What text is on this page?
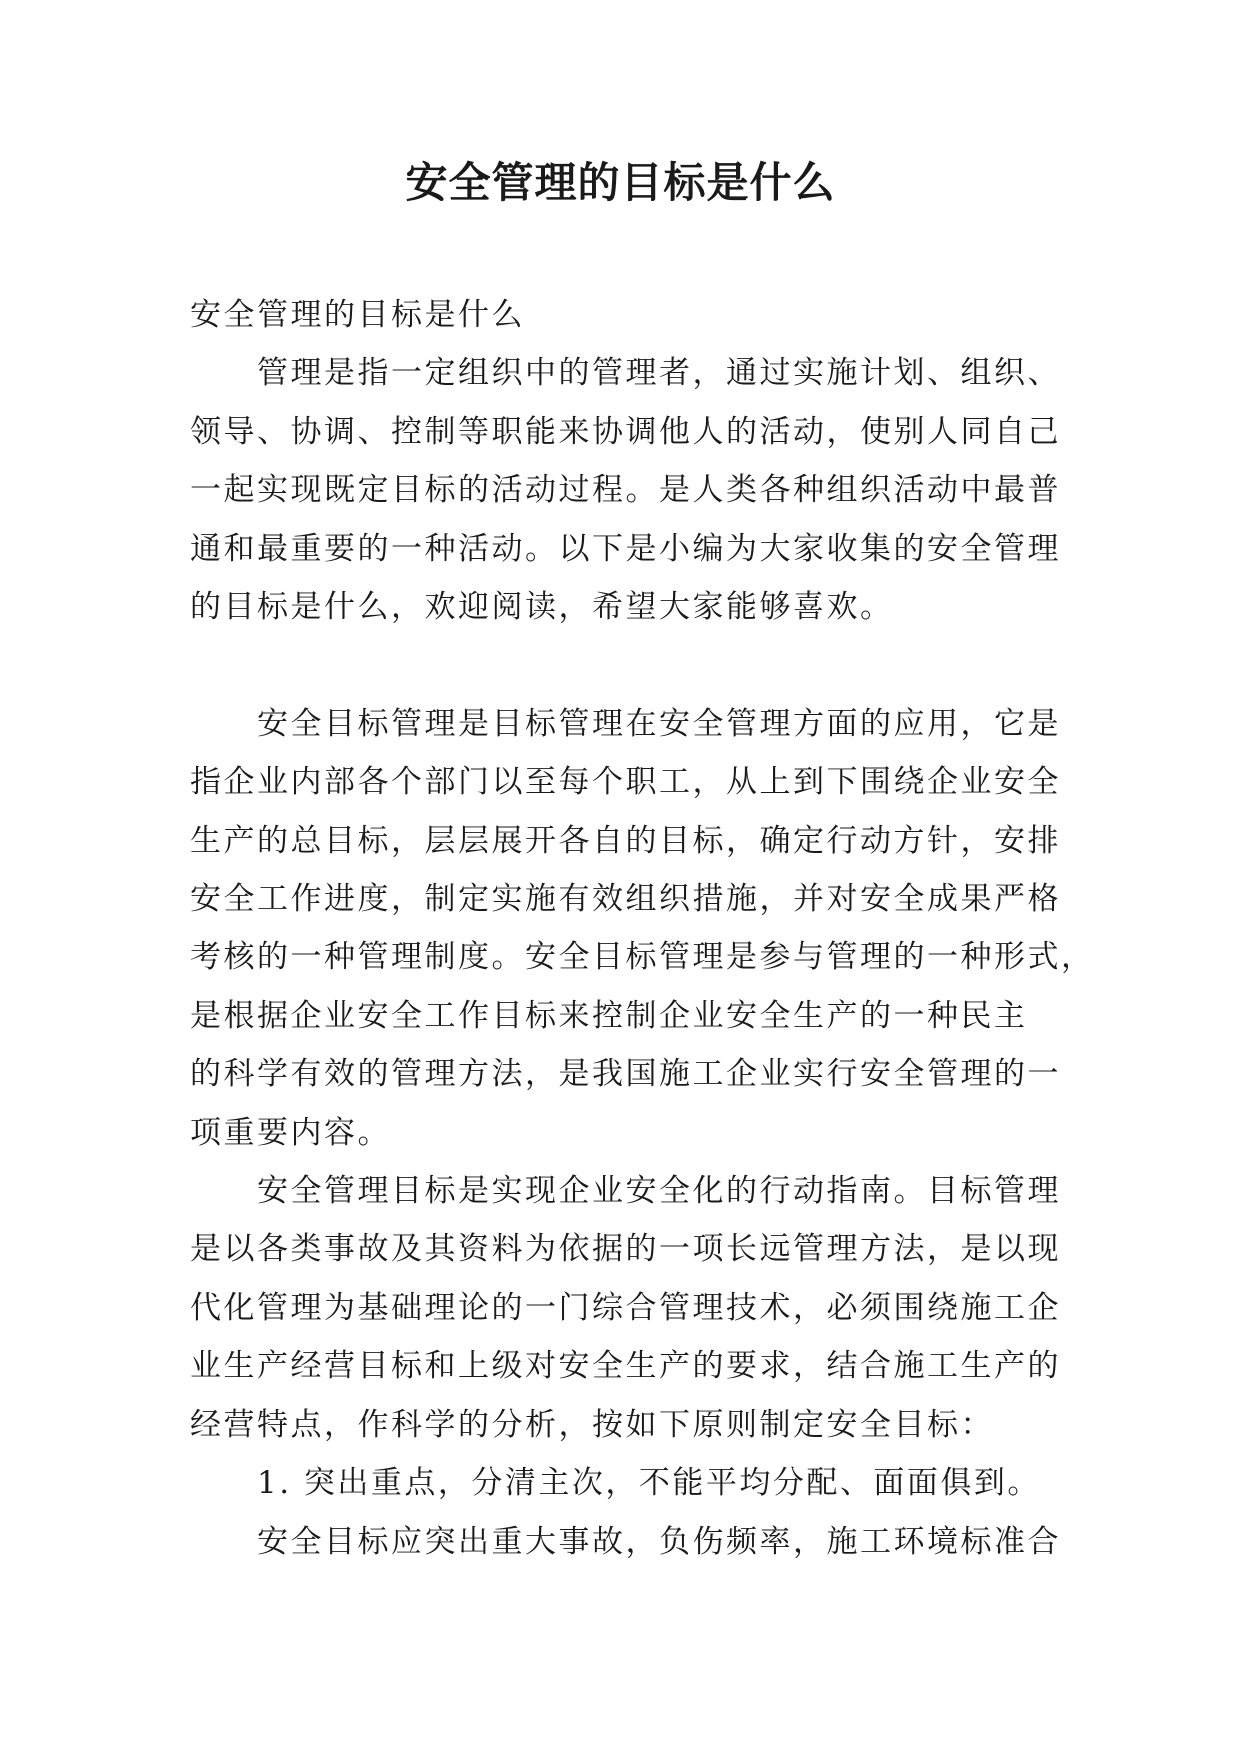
安全管理的目标是什么

安全管理的目标是什么

　　管理是指一定组织中的管理者，通过实施计划、组织、

领导、协调、控制等职能来协调他人的活动，使别人同自己

一起实现既定目标的活动过程。是人类各种组织活动中最普

通和最重要的一种活动。以下是小编为大家收集的安全管理

的目标是什么，欢迎阅读，希望大家能够喜欢。

　　安全目标管理是目标管理在安全管理方面的应用，它是

指企业内部各个部门以至每个职工，从上到下围绕企业安全

生产的总目标，层层展开各自的目标，确定行动方针，安排

安全工作进度，制定实施有效组织措施，并对安全成果严格

考核的一种管理制度。安全目标管理是参与管理的一种形式，

是根据企业安全工作目标来控制企业安全生产的一种民主

的科学有效的管理方法，是我国施工企业实行安全管理的一

项重要内容。

　　安全管理目标是实现企业安全化的行动指南。目标管理

是以各类事故及其资料为依据的一项长远管理方法，是以现

代化管理为基础理论的一门综合管理技术，必须围绕施工企

业生产经营目标和上级对安全生产的要求，结合施工生产的

经营特点，作科学的分析，按如下原则制定安全目标：

　　1. 突出重点，分清主次，不能平均分配、面面俱到。

　　安全目标应突出重大事故，负伤频率，施工环境标准合
